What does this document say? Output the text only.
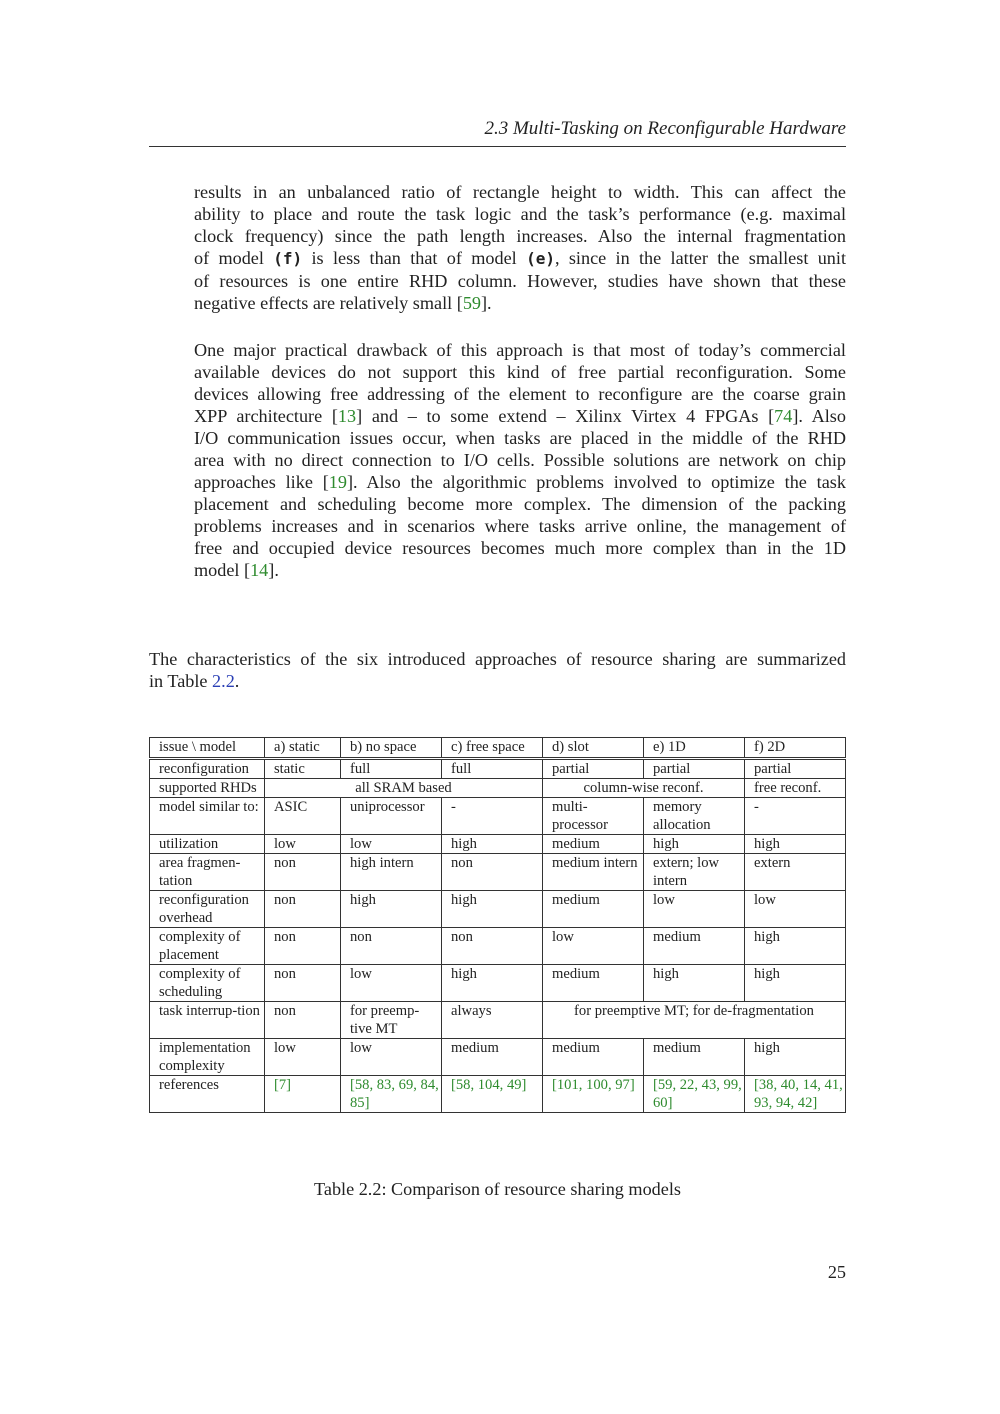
2.3 Multi-Tasking on Reconfigurable Hardware
results in an unbalanced ratio of rectangle height to width. This can affect the
ability to place and route the task logic and the task’s performance (e.g. maximal
clock frequency) since the path length increases. Also the internal fragmentation
of model (f) is less than that of model (e), since in the latter the smallest unit
of resources is one entire RHD column. However, studies have shown that these
negative effects are relatively small [59].
One major practical drawback of this approach is that most of today’s commercial
available devices do not support this kind of free partial reconfiguration. Some
devices allowing free addressing of the element to reconfigure are the coarse grain
XPP architecture [13] and – to some extend – Xilinx Virtex 4 FPGAs [74]. Also
I/O communication issues occur, when tasks are placed in the middle of the RHD
area with no direct connection to I/O cells. Possible solutions are network on chip
approaches like [19]. Also the algorithmic problems involved to optimize the task
placement and scheduling become more complex. The dimension of the packing
problems increases and in scenarios where tasks arrive online, the management of
free and occupied device resources becomes much more complex than in the 1D
model [14].
The characteristics of the six introduced approaches of resource sharing are summarized
in Table 2.2.
issue \ model	a) static	b) no space	c) free space	d) slot	e) 1D	f) 2D
reconfiguration	static	full	full	partial	partial	partial
supported RHDs	all SRAM based			column-wise reconf.		free reconf.
model similar to:	ASIC	uniprocessor	-	multi-processor	memory allocation	-
utilization	low	low	high	medium	high	high
area fragmen-tation	non	high intern	non	medium intern	extern; low intern	extern
reconfiguration overhead	non	high	high	medium	low	low
complexity of placement	non	non	non	low	medium	high
complexity of scheduling	non	low	high	medium	high	high
task interrup-tion	non	for preemp-tive MT	always	for preemptive MT; for de-fragmentation		
implementation complexity	low	low	medium	medium	medium	high
references	[7]	[58, 83, 69, 84, 85]	[58, 104, 49]	[101, 100, 97]	[59, 22, 43, 99, 60]	[38, 40, 14, 41, 93, 94, 42]
Table 2.2: Comparison of resource sharing models
25
